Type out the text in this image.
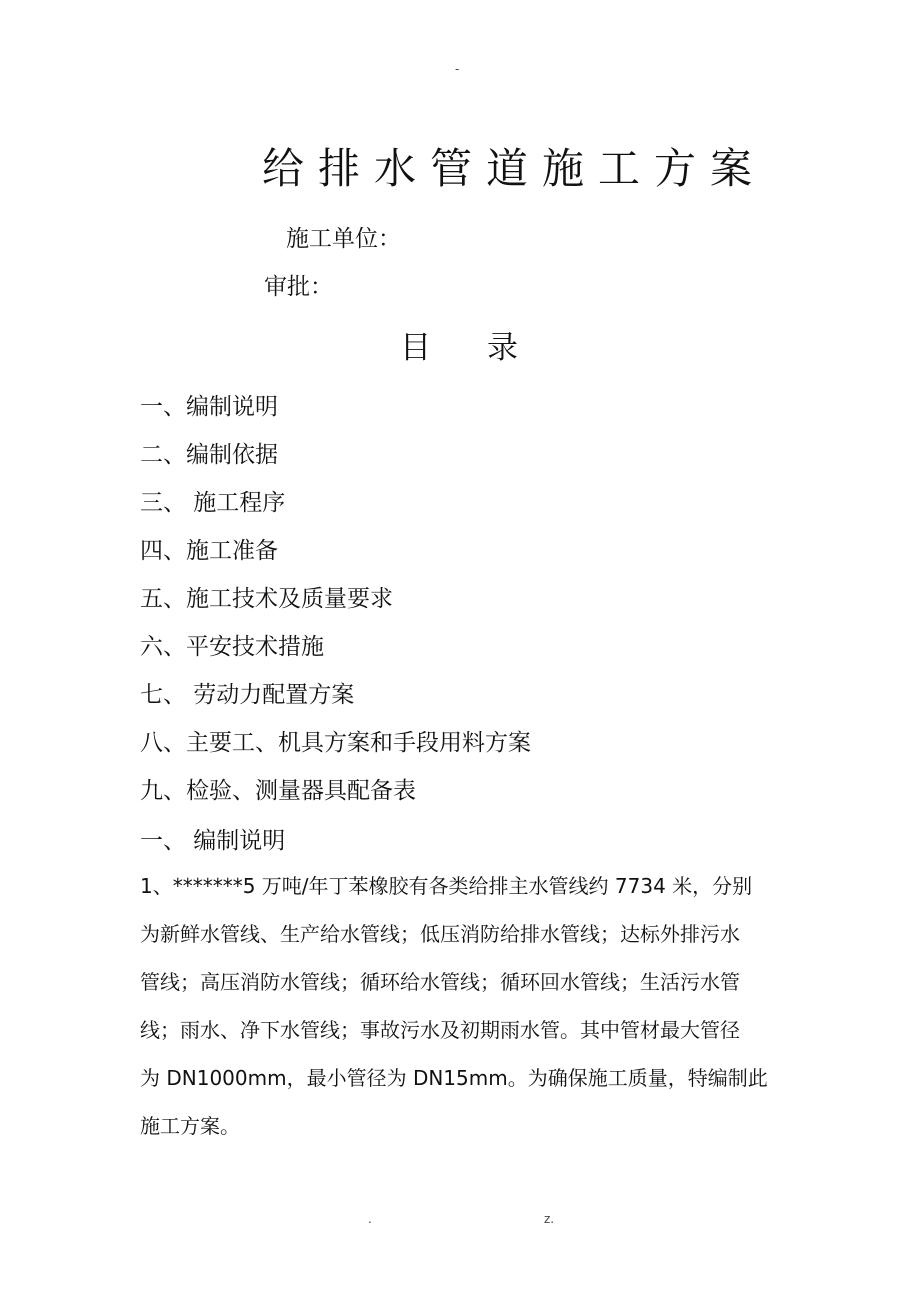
-
给排水管道施工方案
施工单位：
审批：
目录
一、编制说明
二、编制依据
三、 施工程序
四、施工准备
五、施工技术及质量要求
六、平安技术措施
七、 劳动力配置方案
八、主要工、机具方案和手段用料方案
九、检验、测量器具配备表
一、 编制说明
1、*******5 万吨/年丁苯橡胶有各类给排主水管线约 7734 米，分别
为新鲜水管线、生产给水管线；低压消防给排水管线；达标外排污水
管线；高压消防水管线；循环给水管线；循环回水管线；生活污水管
线；雨水、净下水管线；事故污水及初期雨水管。其中管材最大管径
为 DN1000mm，最小管径为 DN15mm。为确保施工质量，特编制此
施工方案。
.	z.
